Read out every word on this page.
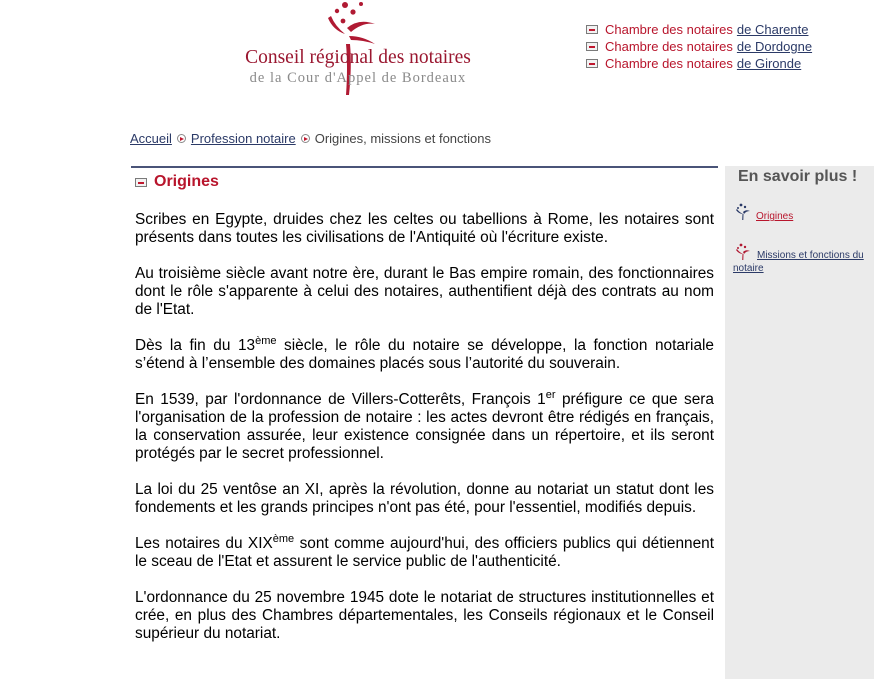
Conseil régional des notaires
de la Cour d'Appel de Bordeaux
Chambre des notaires de Charente
Chambre des notaires de Dordogne
Chambre des notaires de Gironde
Accueil Profession notaire Origines, missions et fonctions
Origines

Scribes en Egypte, druides chez les celtes ou tabellions à Rome, les notaires sont présents dans toutes les civilisations de l'Antiquité où l'écriture existe.

Au troisième siècle avant notre ère, durant le Bas empire romain, des fonctionnaires dont le rôle s'apparente à celui des notaires, authentifient déjà des contrats au nom de l'Etat.

Dès la fin du 13ème siècle, le rôle du notaire se développe, la fonction notariale s’étend à l’ensemble des domaines placés sous l’autorité du souverain.

En 1539, par l'ordonnance de Villers-Cotterêts, François 1er préfigure ce que sera l'organisation de la profession de notaire : les actes devront être rédigés en français, la conservation assurée, leur existence consignée dans un répertoire, et ils seront protégés par le secret professionnel.

La loi du 25 ventôse an XI, après la révolution, donne au notariat un statut dont les fondements et les grands principes n'ont pas été, pour l'essentiel, modifiés depuis.

Les notaires du XIXème sont comme aujourd'hui, des officiers publics qui détiennent le sceau de l'Etat et assurent le service public de l'authenticité.

L'ordonnance du 25 novembre 1945 dote le notariat de structures institutionnelles et crée, en plus des Chambres départementales, les Conseils régionaux et le Conseil supérieur du notariat.

En savoir plus !
Origines
Missions et fonctions du notaire
